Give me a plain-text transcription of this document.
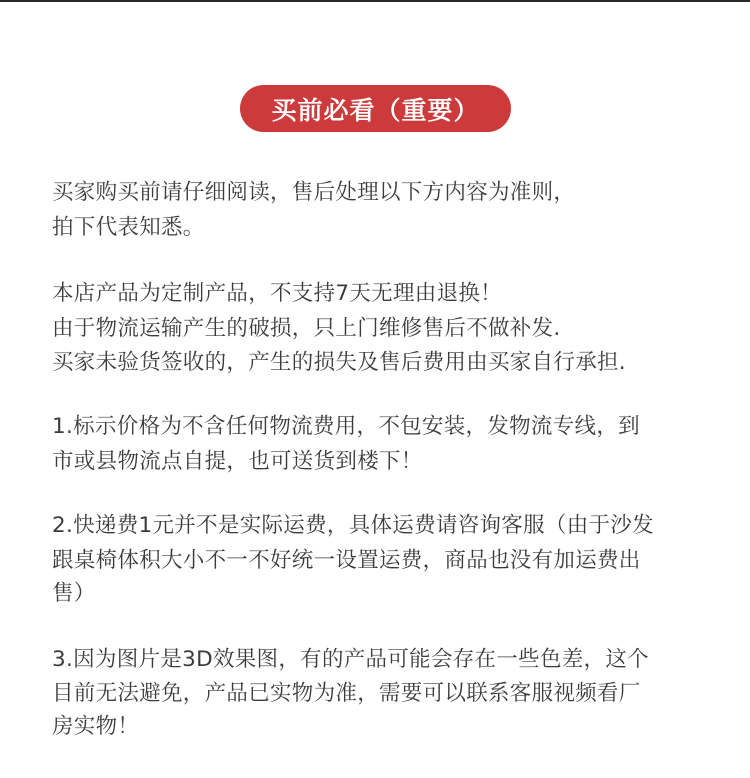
买前必看（重要）
买家购买前请仔细阅读，售后处理以下方内容为准则，
拍下代表知悉。
本店产品为定制产品，不支持7天无理由退换！
由于物流运输产生的破损，只上门维修售后不做补发.
买家未验货签收的，产生的损失及售后费用由买家自行承担.
1.标示价格为不含任何物流费用，不包安装，发物流专线，到
市或县物流点自提，也可送货到楼下！
2.快递费1元并不是实际运费，具体运费请咨询客服（由于沙发
跟桌椅体积大小不一不好统一设置运费，商品也没有加运费出
售）
3.因为图片是3D效果图，有的产品可能会存在一些色差，这个
目前无法避免，产品已实物为准，需要可以联系客服视频看厂
房实物！
